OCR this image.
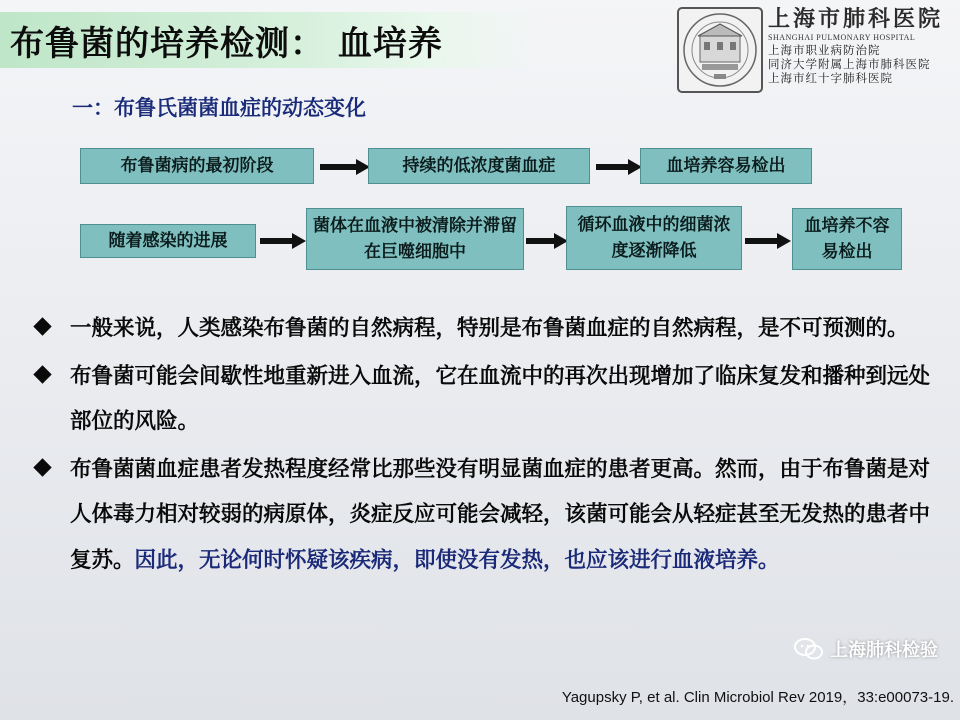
布鲁菌的培养检测： 血培养
上海市肺科医院
SHANGHAI PULMONARY HOSPITAL
上海市职业病防治院
同济大学附属上海市肺科医院
上海市红十字肺科医院
一：布鲁氏菌菌血症的动态变化
布鲁菌病的最初阶段	持续的低浓度菌血症	血培养容易检出
随着感染的进展
菌体在血液中被清除并滞留在巨噬细胞中
循环血液中的细菌浓度逐渐降低
血培养不容易检出
一般来说，人类感染布鲁菌的自然病程，特别是布鲁菌血症的自然病程，是不可预测的。
布鲁菌可能会间歇性地重新进入血流，它在血流中的再次出现增加了临床复发和播种到远处部位的风险。
布鲁菌菌血症患者发热程度经常比那些没有明显菌血症的患者更高。然而，由于布鲁菌是对人体毒力相对较弱的病原体，炎症反应可能会减轻，该菌可能会从轻症甚至无发热的患者中复苏。因此，无论何时怀疑该疾病，即使没有发热，也应该进行血液培养。
上海肺科检验
Yagupsky P, et al. Clin Microbiol Rev 2019，33:e00073-19.
